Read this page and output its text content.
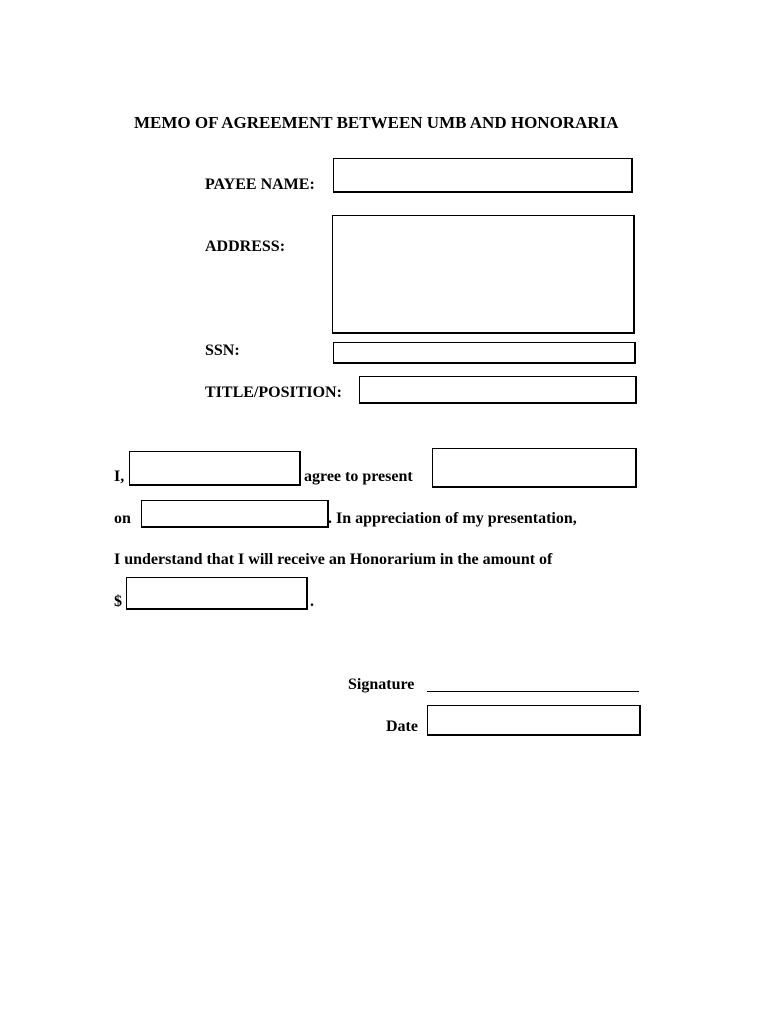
MEMO OF AGREEMENT BETWEEN UMB AND HONORARIA
PAYEE NAME:
ADDRESS:
SSN:
TITLE/POSITION:
I,	agree to present
on	. In appreciation of my presentation,
I understand that I will receive an Honorarium in the amount of
$	.
Signature
Date
